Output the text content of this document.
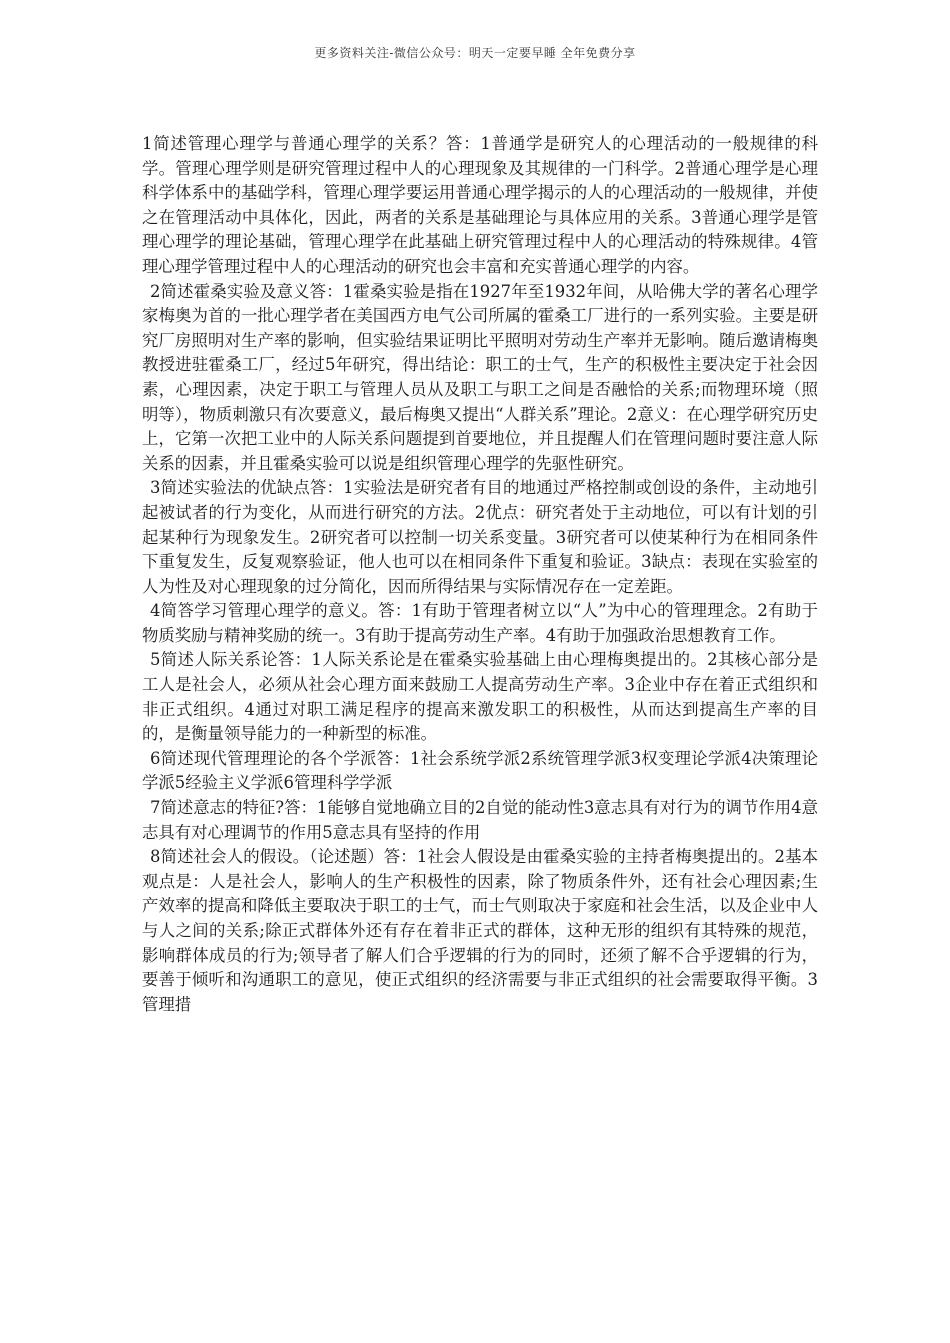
更多资料关注-微信公众号：明天一定要早睡 全年免费分享

1简述管理心理学与普通心理学的关系？答：1普通学是研究人的心理活动的一般规律的科学。管理心理学则是研究管理过程中人的心理现象及其规律的一门科学。2普通心理学是心理科学体系中的基础学科，管理心理学要运用普通心理学揭示的人的心理活动的一般规律，并使之在管理活动中具体化，因此，两者的关系是基础理论与具体应用的关系。3普通心理学是管理心理学的理论基础，管理心理学在此基础上研究管理过程中人的心理活动的特殊规律。4管理心理学管理过程中人的心理活动的研究也会丰富和充实普通心理学的内容。

2简述霍桑实验及意义答：1霍桑实验是指在1927年至1932年间，从哈佛大学的著名心理学家梅奥为首的一批心理学者在美国西方电气公司所属的霍桑工厂进行的一系列实验。主要是研究厂房照明对生产率的影响，但实验结果证明比平照明对劳动生产率并无影响。随后邀请梅奥教授进驻霍桑工厂，经过5年研究，得出结论：职工的士气，生产的积极性主要决定于社会因素，心理因素，决定于职工与管理人员从及职工与职工之间是否融恰的关系;而物理环境（照明等），物质刺激只有次要意义，最后梅奥又提出“人群关系”理论。2意义：在心理学研究历史上，它第一次把工业中的人际关系问题提到首要地位，并且提醒人们在管理问题时要注意人际关系的因素，并且霍桑实验可以说是组织管理心理学的先驱性研究。

3简述实验法的优缺点答：1实验法是研究者有目的地通过严格控制或创设的条件，主动地引起被试者的行为变化，从而进行研究的方法。2优点：研究者处于主动地位，可以有计划的引起某种行为现象发生。2研究者可以控制一切关系变量。3研究者可以使某种行为在相同条件下重复发生，反复观察验证，他人也可以在相同条件下重复和验证。3缺点：表现在实验室的人为性及对心理现象的过分简化，因而所得结果与实际情况存在一定差距。

4简答学习管理心理学的意义。答：1有助于管理者树立以“人”为中心的管理理念。2有助于物质奖励与精神奖励的统一。3有助于提高劳动生产率。4有助于加强政治思想教育工作。

5简述人际关系论答：1人际关系论是在霍桑实验基础上由心理梅奥提出的。2其核心部分是工人是社会人，必须从社会心理方面来鼓励工人提高劳动生产率。3企业中存在着正式组织和非正式组织。4通过对职工满足程序的提高来激发职工的积极性，从而达到提高生产率的目的，是衡量领导能力的一种新型的标准。

6简述现代管理理论的各个学派答：1社会系统学派2系统管理学派3权变理论学派4决策理论学派5经验主义学派6管理科学学派

7简述意志的特征?答：1能够自觉地确立目的2自觉的能动性3意志具有对行为的调节作用4意志具有对心理调节的作用5意志具有坚持的作用

8简述社会人的假设。（论述题）答：1社会人假设是由霍桑实验的主持者梅奥提出的。2基本观点是：人是社会人，影响人的生产积极性的因素，除了物质条件外，还有社会心理因素;生产效率的提高和降低主要取决于职工的士气，而士气则取决于家庭和社会生活，以及企业中人与人之间的关系;除正式群体外还有存在着非正式的群体，这种无形的组织有其特殊的规范，影响群体成员的行为;领导者了解人们合乎逻辑的行为的同时，还须了解不合乎逻辑的行为，要善于倾听和沟通职工的意见，使正式组织的经济需要与非正式组织的社会需要取得平衡。3管理措
